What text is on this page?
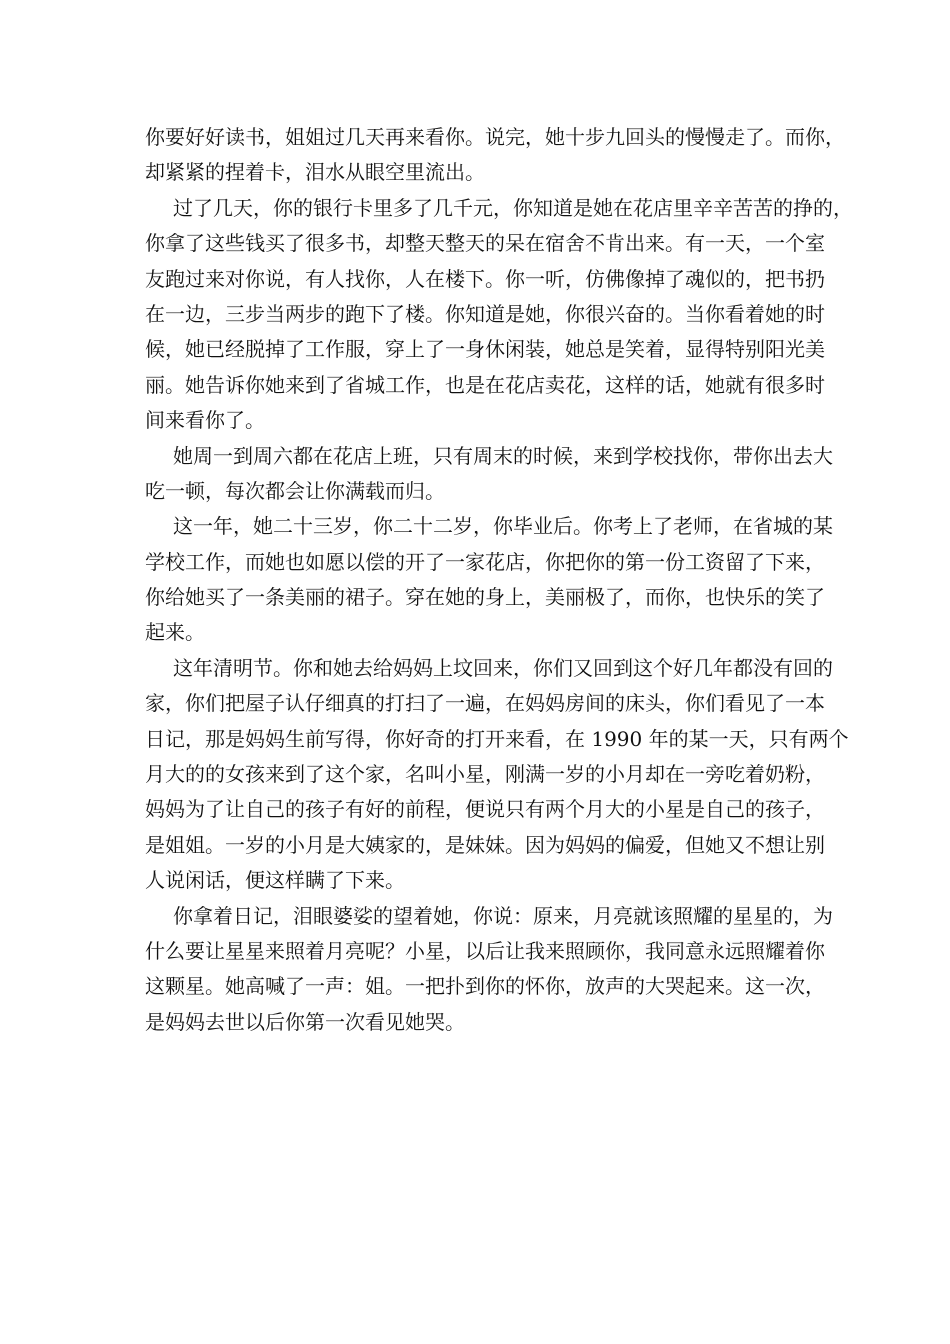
你要好好读书，姐姐过几天再来看你。说完，她十步九回头的慢慢走了。而你，
却紧紧的捏着卡，泪水从眼空里流出。
过了几天，你的银行卡里多了几千元，你知道是她在花店里辛辛苦苦的挣的，
你拿了这些钱买了很多书，却整天整天的呆在宿舍不肯出来。有一天，一个室
友跑过来对你说，有人找你，人在楼下。你一听，仿佛像掉了魂似的，把书扔
在一边，三步当两步的跑下了楼。你知道是她，你很兴奋的。当你看着她的时
候，她已经脱掉了工作服，穿上了一身休闲装，她总是笑着，显得特别阳光美
丽。她告诉你她来到了省城工作，也是在花店卖花，这样的话，她就有很多时
间来看你了。
她周一到周六都在花店上班，只有周末的时候，来到学校找你，带你出去大
吃一顿，每次都会让你满载而归。
这一年，她二十三岁，你二十二岁，你毕业后。你考上了老师，在省城的某
学校工作，而她也如愿以偿的开了一家花店，你把你的第一份工资留了下来，
你给她买了一条美丽的裙子。穿在她的身上，美丽极了，而你，也快乐的笑了
起来。
这年清明节。你和她去给妈妈上坟回来，你们又回到这个好几年都没有回的
家，你们把屋子认仔细真的打扫了一遍，在妈妈房间的床头，你们看见了一本
日记，那是妈妈生前写得，你好奇的打开来看，在 1990 年的某一天，只有两个
月大的的女孩来到了这个家，名叫小星，刚满一岁的小月却在一旁吃着奶粉，
妈妈为了让自己的孩子有好的前程，便说只有两个月大的小星是自己的孩子，
是姐姐。一岁的小月是大姨家的，是妹妹。因为妈妈的偏爱，但她又不想让别
人说闲话，便这样瞒了下来。
你拿着日记，泪眼婆娑的望着她，你说：原来，月亮就该照耀的星星的，为
什么要让星星来照着月亮呢？小星，以后让我来照顾你，我同意永远照耀着你
这颗星。她高喊了一声：姐。一把扑到你的怀你，放声的大哭起来。这一次，
是妈妈去世以后你第一次看见她哭。
